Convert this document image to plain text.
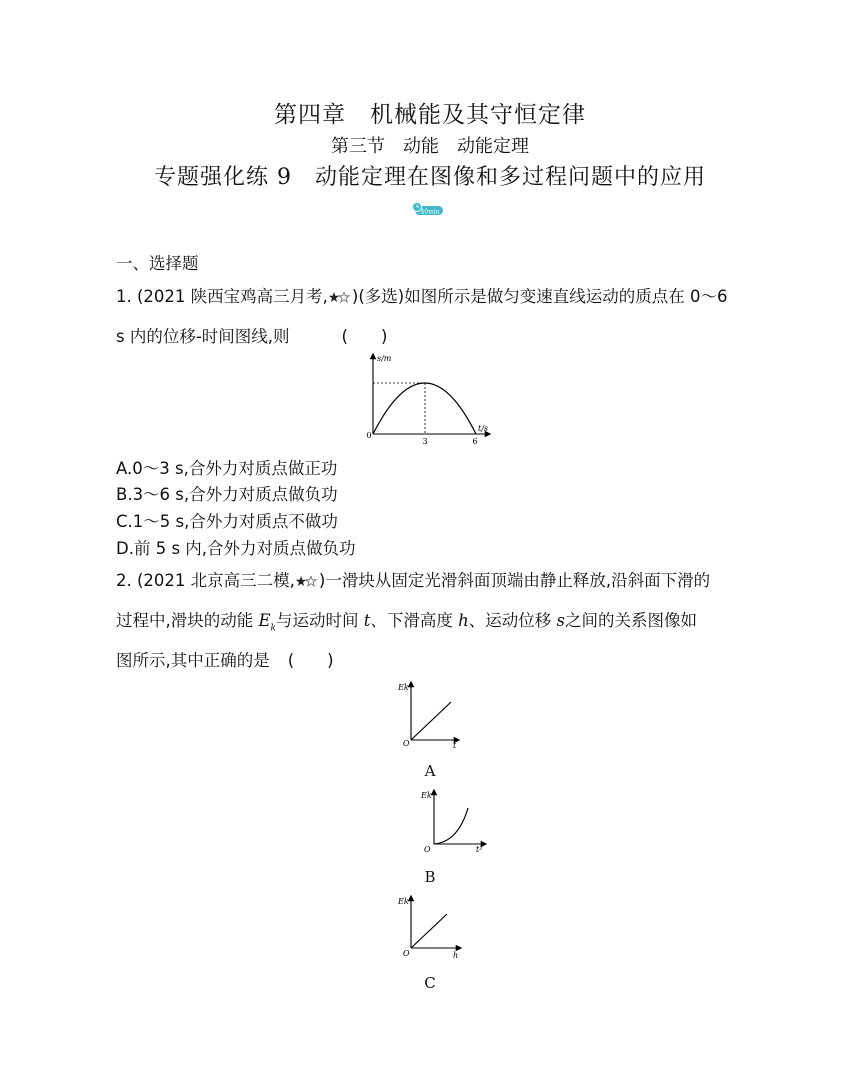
第四章　机械能及其守恒定律
第三节　动能　动能定理
专题强化练 9　动能定理在图像和多过程问题中的应用
40min
一、选择题
1. (2021 陕西宝鸡高三月考, )(多选)如图所示是做匀变速直线运动的质点在 0～6
s 内的位移-时间图线,则	(　　)
s/m
t/s
0
3	6
A.0～3 s,合外力对质点做正功
B.3～6 s,合外力对质点做负功
C.1～5 s,合外力对质点不做功
D.前 5 s 内,合外力对质点做负功
2. (2021 北京高三二模, )一滑块从固定光滑斜面顶端由静止释放,沿斜面下滑的
过程中,滑块的动能 $E_k$与运动时间 t、下滑高度 h、运动位移 s之间的关系图像如
图所示,其中正确的是 (　　)
Ek
t
O
A
Ek
t²
O
B
Ek
h
O
C
